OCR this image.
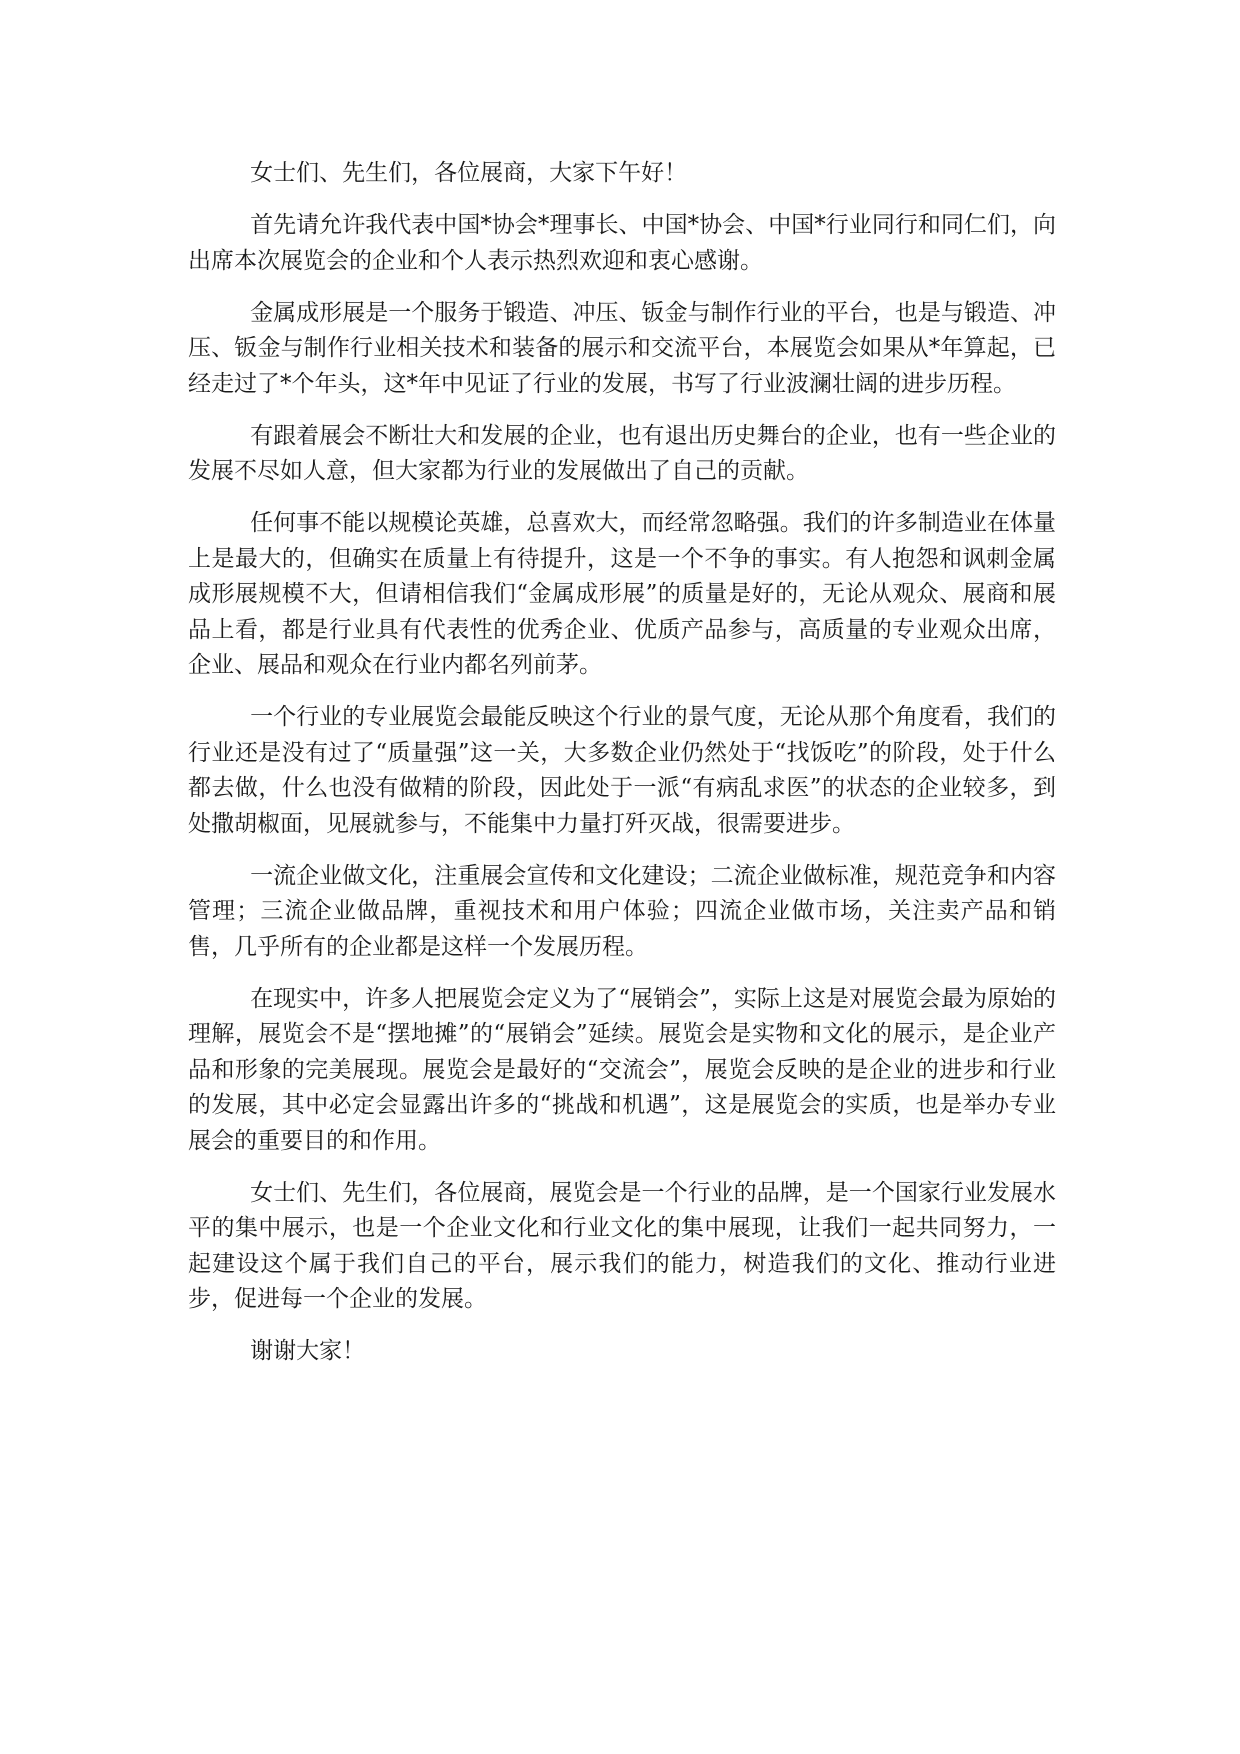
女士们、先生们，各位展商，大家下午好！

首先请允许我代表中国*协会*理事长、中国*协会、中国*行业同行和同仁们，向出席本次展览会的企业和个人表示热烈欢迎和衷心感谢。

金属成形展是一个服务于锻造、冲压、钣金与制作行业的平台，也是与锻造、冲压、钣金与制作行业相关技术和装备的展示和交流平台，本展览会如果从*年算起，已经走过了*个年头，这*年中见证了行业的发展，书写了行业波澜壮阔的进步历程。

有跟着展会不断壮大和发展的企业，也有退出历史舞台的企业，也有一些企业的发展不尽如人意，但大家都为行业的发展做出了自己的贡献。

任何事不能以规模论英雄，总喜欢大，而经常忽略强。我们的许多制造业在体量上是最大的，但确实在质量上有待提升，这是一个不争的事实。有人抱怨和讽刺金属成形展规模不大，但请相信我们“金属成形展”的质量是好的，无论从观众、展商和展品上看，都是行业具有代表性的优秀企业、优质产品参与，高质量的专业观众出席，企业、展品和观众在行业内都名列前茅。

一个行业的专业展览会最能反映这个行业的景气度，无论从那个角度看，我们的行业还是没有过了“质量强”这一关，大多数企业仍然处于“找饭吃”的阶段，处于什么都去做，什么也没有做精的阶段，因此处于一派“有病乱求医”的状态的企业较多，到处撒胡椒面，见展就参与，不能集中力量打歼灭战，很需要进步。

一流企业做文化，注重展会宣传和文化建设；二流企业做标准，规范竞争和内容管理；三流企业做品牌，重视技术和用户体验；四流企业做市场，关注卖产品和销售，几乎所有的企业都是这样一个发展历程。

在现实中，许多人把展览会定义为了“展销会”，实际上这是对展览会最为原始的理解，展览会不是“摆地摊”的“展销会”延续。展览会是实物和文化的展示，是企业产品和形象的完美展现。展览会是最好的“交流会”，展览会反映的是企业的进步和行业的发展，其中必定会显露出许多的“挑战和机遇”，这是展览会的实质，也是举办专业展会的重要目的和作用。

女士们、先生们，各位展商，展览会是一个行业的品牌，是一个国家行业发展水平的集中展示，也是一个企业文化和行业文化的集中展现，让我们一起共同努力，一起建设这个属于我们自己的平台，展示我们的能力，树造我们的文化、推动行业进步，促进每一个企业的发展。

谢谢大家！
